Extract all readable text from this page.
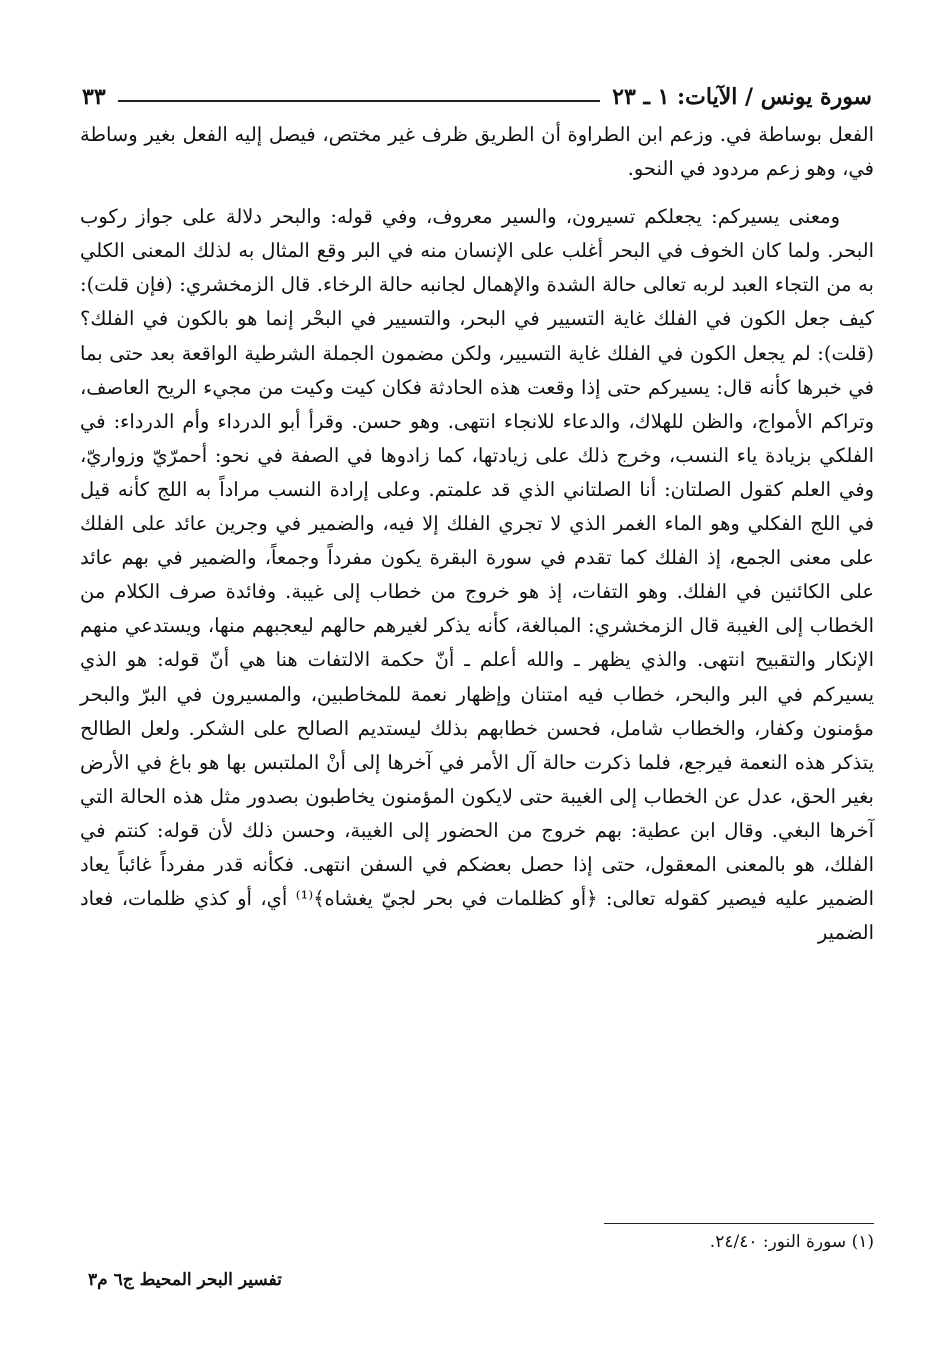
سورة يونس / الآيات: ١ ـ ٢٣
٣٣

الفعل بوساطة في. وزعم ابن الطراوة أن الطريق ظرف غير مختص، فيصل إليه الفعل بغير وساطة في، وهو زعم مردود في النحو.

ومعنى يسيركم: يجعلكم تسيرون، والسير معروف، وفي قوله: والبحر دلالة على جواز ركوب البحر. ولما كان الخوف في البحر أغلب على الإنسان منه في البر وقع المثال به لذلك المعنى الكلي به من التجاء العبد لربه تعالى حالة الشدة والإهمال لجانبه حالة الرخاء. قال الزمخشري: (فإن قلت): كيف جعل الكون في الفلك غاية التسيير في البحر، والتسيير في البحْر إنما هو بالكون في الفلك؟ (قلت): لم يجعل الكون في الفلك غاية التسيير، ولكن مضمون الجملة الشرطية الواقعة بعد حتى بما في خبرها كأنه قال: يسيركم حتى إذا وقعت هذه الحادثة فكان كيت وكيت من مجيء الريح العاصف، وتراكم الأمواج، والظن للهلاك، والدعاء للانجاء انتهى. وهو حسن. وقرأ أبو الدرداء وأم الدرداء: في الفلكي بزيادة ياء النسب، وخرج ذلك على زيادتها، كما زادوها في الصفة في نحو: أحمرّيّ وزواريّ، وفي العلم كقول الصلتان: أنا الصلتاني الذي قد علمتم. وعلى إرادة النسب مراداً به اللج كأنه قيل في اللج الفكلي وهو الماء الغمر الذي لا تجري الفلك إلا فيه، والضمير في وجرين عائد على الفلك على معنى الجمع، إذ الفلك كما تقدم في سورة البقرة يكون مفرداً وجمعاً، والضمير في بهم عائد على الكائنين في الفلك. وهو التفات، إذ هو خروج من خطاب إلى غيبة. وفائدة صرف الكلام من الخطاب إلى الغيبة قال الزمخشري: المبالغة، كأنه يذكر لغيرهم حالهم ليعجبهم منها، ويستدعي منهم الإنكار والتقبيح انتهى. والذي يظهر ـ والله أعلم ـ أنّ حكمة الالتفات هنا هي أنّ قوله: هو الذي يسيركم في البر والبحر، خطاب فيه امتنان وإظهار نعمة للمخاطبين، والمسيرون في البرّ والبحر مؤمنون وكفار، والخطاب شامل، فحسن خطابهم بذلك ليستديم الصالح على الشكر. ولعل الطالح يتذكر هذه النعمة فيرجع، فلما ذكرت حالة آل الأمر في آخرها إلى أنْ الملتبس بها هو باغ في الأرض بغير الحق، عدل عن الخطاب إلى الغيبة حتى لايكون المؤمنون يخاطبون بصدور مثل هذه الحالة التي آخرها البغي. وقال ابن عطية: بهم خروج من الحضور إلى الغيبة، وحسن ذلك لأن قوله: كنتم في الفلك، هو بالمعنى المعقول، حتى إذا حصل بعضكم في السفن انتهى. فكأنه قدر مفرداً غائباً يعاد الضمير عليه فيصير كقوله تعالى: ﴿أو كظلمات في بحر لجيّ يغشاه﴾⁽¹⁾ أي، أو كذي ظلمات، فعاد الضمير

(١) سورة النور: ٢٤/٤٠.
تفسير البحر المحيط ج٦ م٣
